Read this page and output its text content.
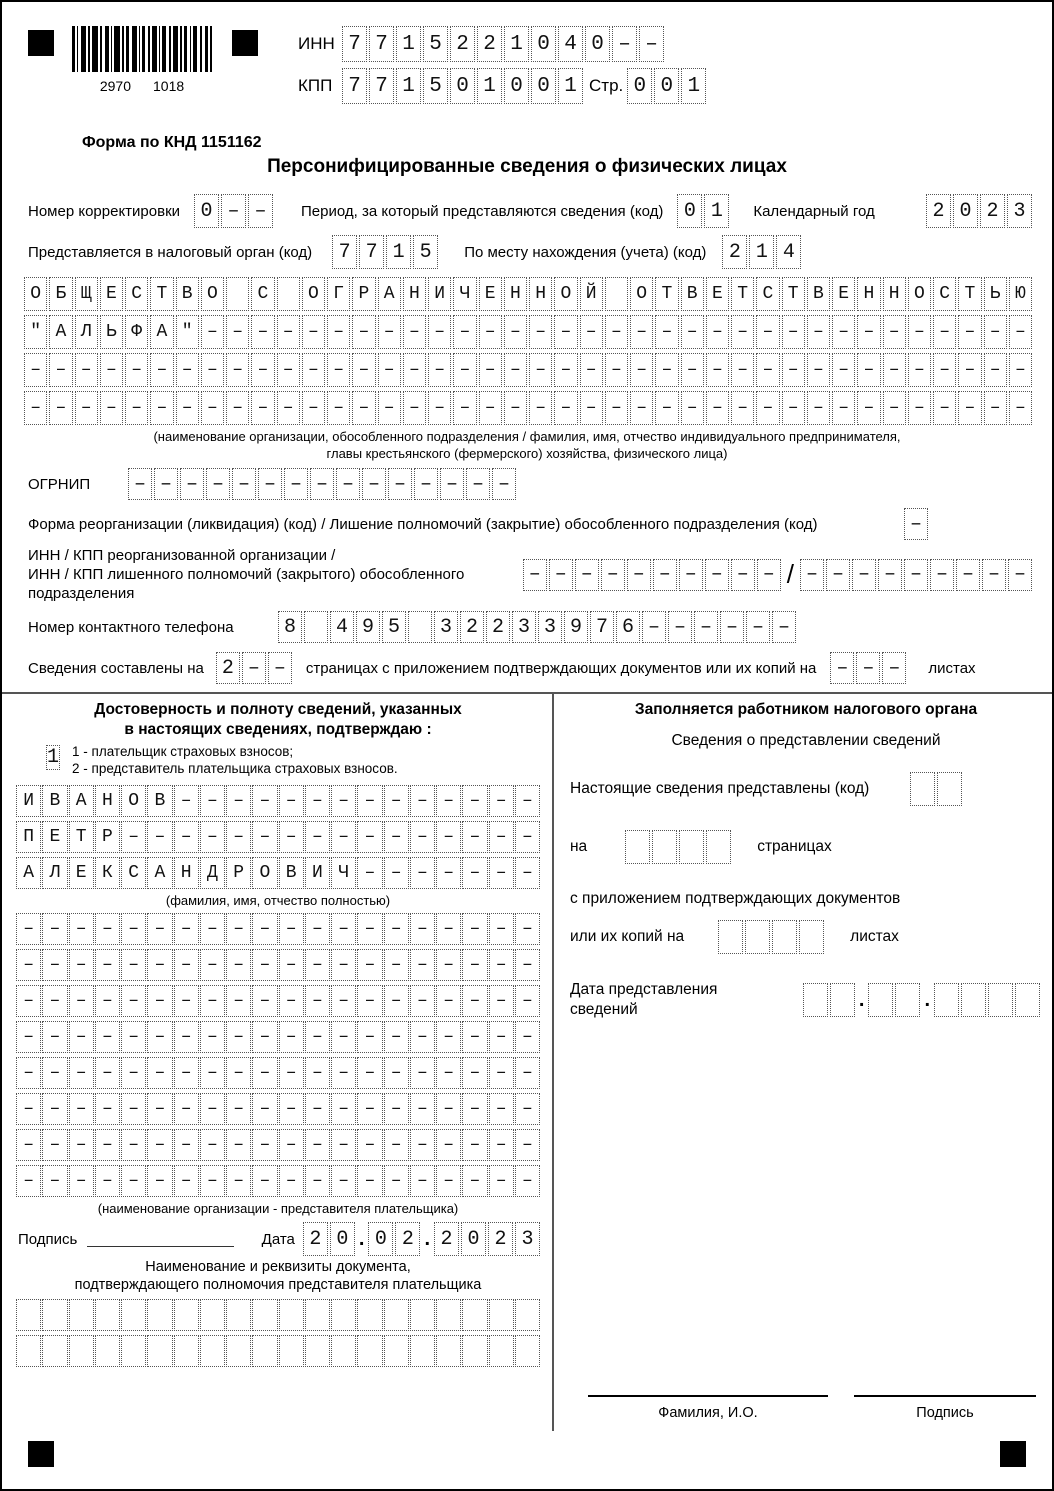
2970 1018
ИНН 7 7 1 5 2 2 1 0 4 0 – –
КПП 7 7 1 5 0 1 0 0 1 Стр. 0 0 1
Форма по КНД 1151162
Персонифицированные сведения о физических лицах
Номер корректировки	0 – –	Период, за который представляются сведения (код)	0 1	Календарный год	2 0 2 3
Представляется в налоговый орган (код)	7 7 1 5	По месту нахождения (учета) (код)	2 1 4
О Б Щ Е С Т В О	С	О Г Р А Н И Ч Е Н Н О Й	О Т В Е Т С Т В Е Н Н О С Т Ь Ю
" А Л Ь Ф А " – – – – – – – – – – – – – – – – – – – – – – – – – – – – – – – – –
– – – – – – – – – – – – – – – – – – – – – – – – – – – – – – – – – – – – – – – –
– – – – – – – – – – – – – – – – – – – – – – – – – – – – – – – – – – – – – – – –
(наименование организации, обособленного подразделения / фамилия, имя, отчество индивидуального предпринимателя,
главы крестьянского (фермерского) хозяйства, физического лица)
ОГРНИП	– – – – – – – – – – – – – – –
Форма реорганизации (ликвидация) (код) / Лишение полномочий (закрытие) обособленного подразделения (код)	–
ИНН / КПП реорганизованной организации /
ИНН / КПП лишенного полномочий (закрытого) обособленного
подразделения
– – – – – – – – – – / – – – – – – – – –
Номер контактного телефона	8	4 9 5	3 2 2 3 3 9 7 6 – – – – – –
Сведения составлены на 2 – –	страницах с приложением подтверждающих документов или их копий на – – –	листах
Достоверность и полноту сведений, указанных
в настоящих сведениях, подтверждаю :
1 1 - плательщик страховых взносов;
2 - представитель плательщика страховых взносов.
И В А Н О В – – – – – – – – – – – – – –
П Е Т Р – – – – – – – – – – – – – – – –
А Л Е К С А Н Д Р О В И Ч – – – – – – –
(фамилия, имя, отчество полностью)
– – – – – – – – – – – – – – – – – – – –
– – – – – – – – – – – – – – – – – – – –
– – – – – – – – – – – – – – – – – – – –
– – – – – – – – – – – – – – – – – – – –
– – – – – – – – – – – – – – – – – – – –
– – – – – – – – – – – – – – – – – – – –
– – – – – – – – – – – – – – – – – – – –
– – – – – – – – – – – – – – – – – – – –
(наименование организации - представителя плательщика)
Подпись	Дата 2 0 . 0 2 . 2 0 2 3
Наименование и реквизиты документа,
подтверждающего полномочия представителя плательщика
Заполняется работником налогового органа
Сведения о представлении сведений
Настоящие сведения представлены (код)
на	страницах
с приложением подтверждающих документов
или их копий на	листах
Дата представления
сведений	.	.
Фамилия, И.О.	Подпись
